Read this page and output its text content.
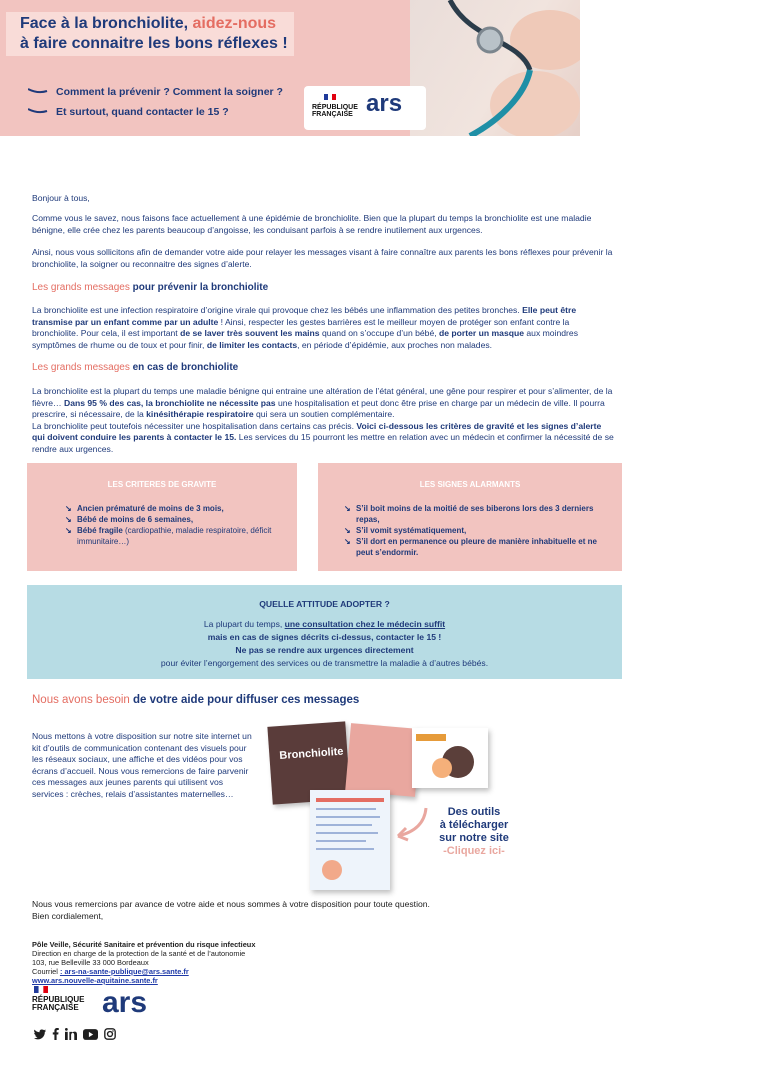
Face à la bronchiolite, aidez-nous
à faire connaitre les bons réflexes !
Comment la prévenir ? Comment la soigner ?
Et surtout, quand contacter le 15 ?	RÉPUBLIQUE
FRANÇAISE ars
Bonjour à tous,
Comme vous le savez, nous faisons face actuellement à une épidémie de bronchiolite. Bien que la plupart du temps la bronchiolite est une maladie bénigne, elle crée chez les parents beaucoup d’angoisse, les conduisant parfois à se rendre inutilement aux urgences.
Ainsi, nous vous sollicitons afin de demander votre aide pour relayer les messages visant à faire connaître aux parents les bons réflexes pour prévenir la bronchiolite, la soigner ou reconnaitre des signes d’alerte.
Les grands messages pour prévenir la bronchiolite
La bronchiolite est une infection respiratoire d’origine virale qui provoque chez les bébés une inflammation des petites bronches. Elle peut être transmise par un enfant comme par un adulte ! Ainsi, respecter les gestes barrières est le meilleur moyen de protéger son enfant contre la bronchiolite. Pour cela, il est important de se laver très souvent les mains quand on s’occupe d’un bébé, de porter un masque aux moindres symptômes de rhume ou de toux et pour finir, de limiter les contacts, en période d’épidémie, aux proches non malades.
Les grands messages en cas de bronchiolite
La bronchiolite est la plupart du temps une maladie bénigne qui entraine une altération de l’état général, une gêne pour respirer et pour s’alimenter, de la fièvre… Dans 95 % des cas, la bronchiolite ne nécessite pas une hospitalisation et peut donc être prise en charge par un médecin de ville. Il pourra prescrire, si nécessaire, de la kinésithérapie respiratoire qui sera un soutien complémentaire.
La bronchiolite peut toutefois nécessiter une hospitalisation dans certains cas précis. Voici ci-dessous les critères de gravité et les signes d’alerte qui doivent conduire les parents à contacter le 15. Les services du 15 pourront les mettre en relation avec un médecin et confirmer la nécessité de se rendre aux urgences.
LES CRITERES DE GRAVITE
↘ Ancien prématuré de moins de 3 mois,
↘ Bébé de moins de 6 semaines,
↘ Bébé fragile (cardiopathie, maladie respiratoire, déficit immunitaire…)
LES SIGNES ALARMANTS
↘ S’il boit moins de la moitié de ses biberons lors des 3 derniers repas,
↘ S’il vomit systématiquement,
↘ S’il dort en permanence ou pleure de manière inhabituelle et ne peut s’endormir.
QUELLE ATTITUDE ADOPTER ?
La plupart du temps, une consultation chez le médecin suffit
mais en cas de signes décrits ci-dessus, contacter le 15 !
Ne pas se rendre aux urgences directement
pour éviter l’engorgement des services ou de transmettre la maladie à d’autres bébés.
Nous avons besoin de votre aide pour diffuser ces messages
Nous mettons à votre disposition sur notre site internet un kit d’outils de communication contenant des visuels pour les réseaux sociaux, une affiche et des vidéos pour vos écrans d’accueil. Nous vous remercions de faire parvenir ces messages aux jeunes parents qui utilisent vos services : crèches, relais d’assistantes maternelles…
Bronchiolite
Des outils
à télécharger
sur notre site
-Cliquez ici-
Nous vous remercions par avance de votre aide et nous sommes à votre disposition pour toute question.
Bien cordialement,
Pôle Veille, Sécurité Sanitaire et prévention du risque infectieux
Direction en charge de la protection de la santé et de l’autonomie
103, rue Belleville 33 000 Bordeaux
Courriel : ars-na-sante-publique@ars.sante.fr
www.ars.nouvelle-aquitaine.sante.fr
RÉPUBLIQUE
FRANÇAISE ars
